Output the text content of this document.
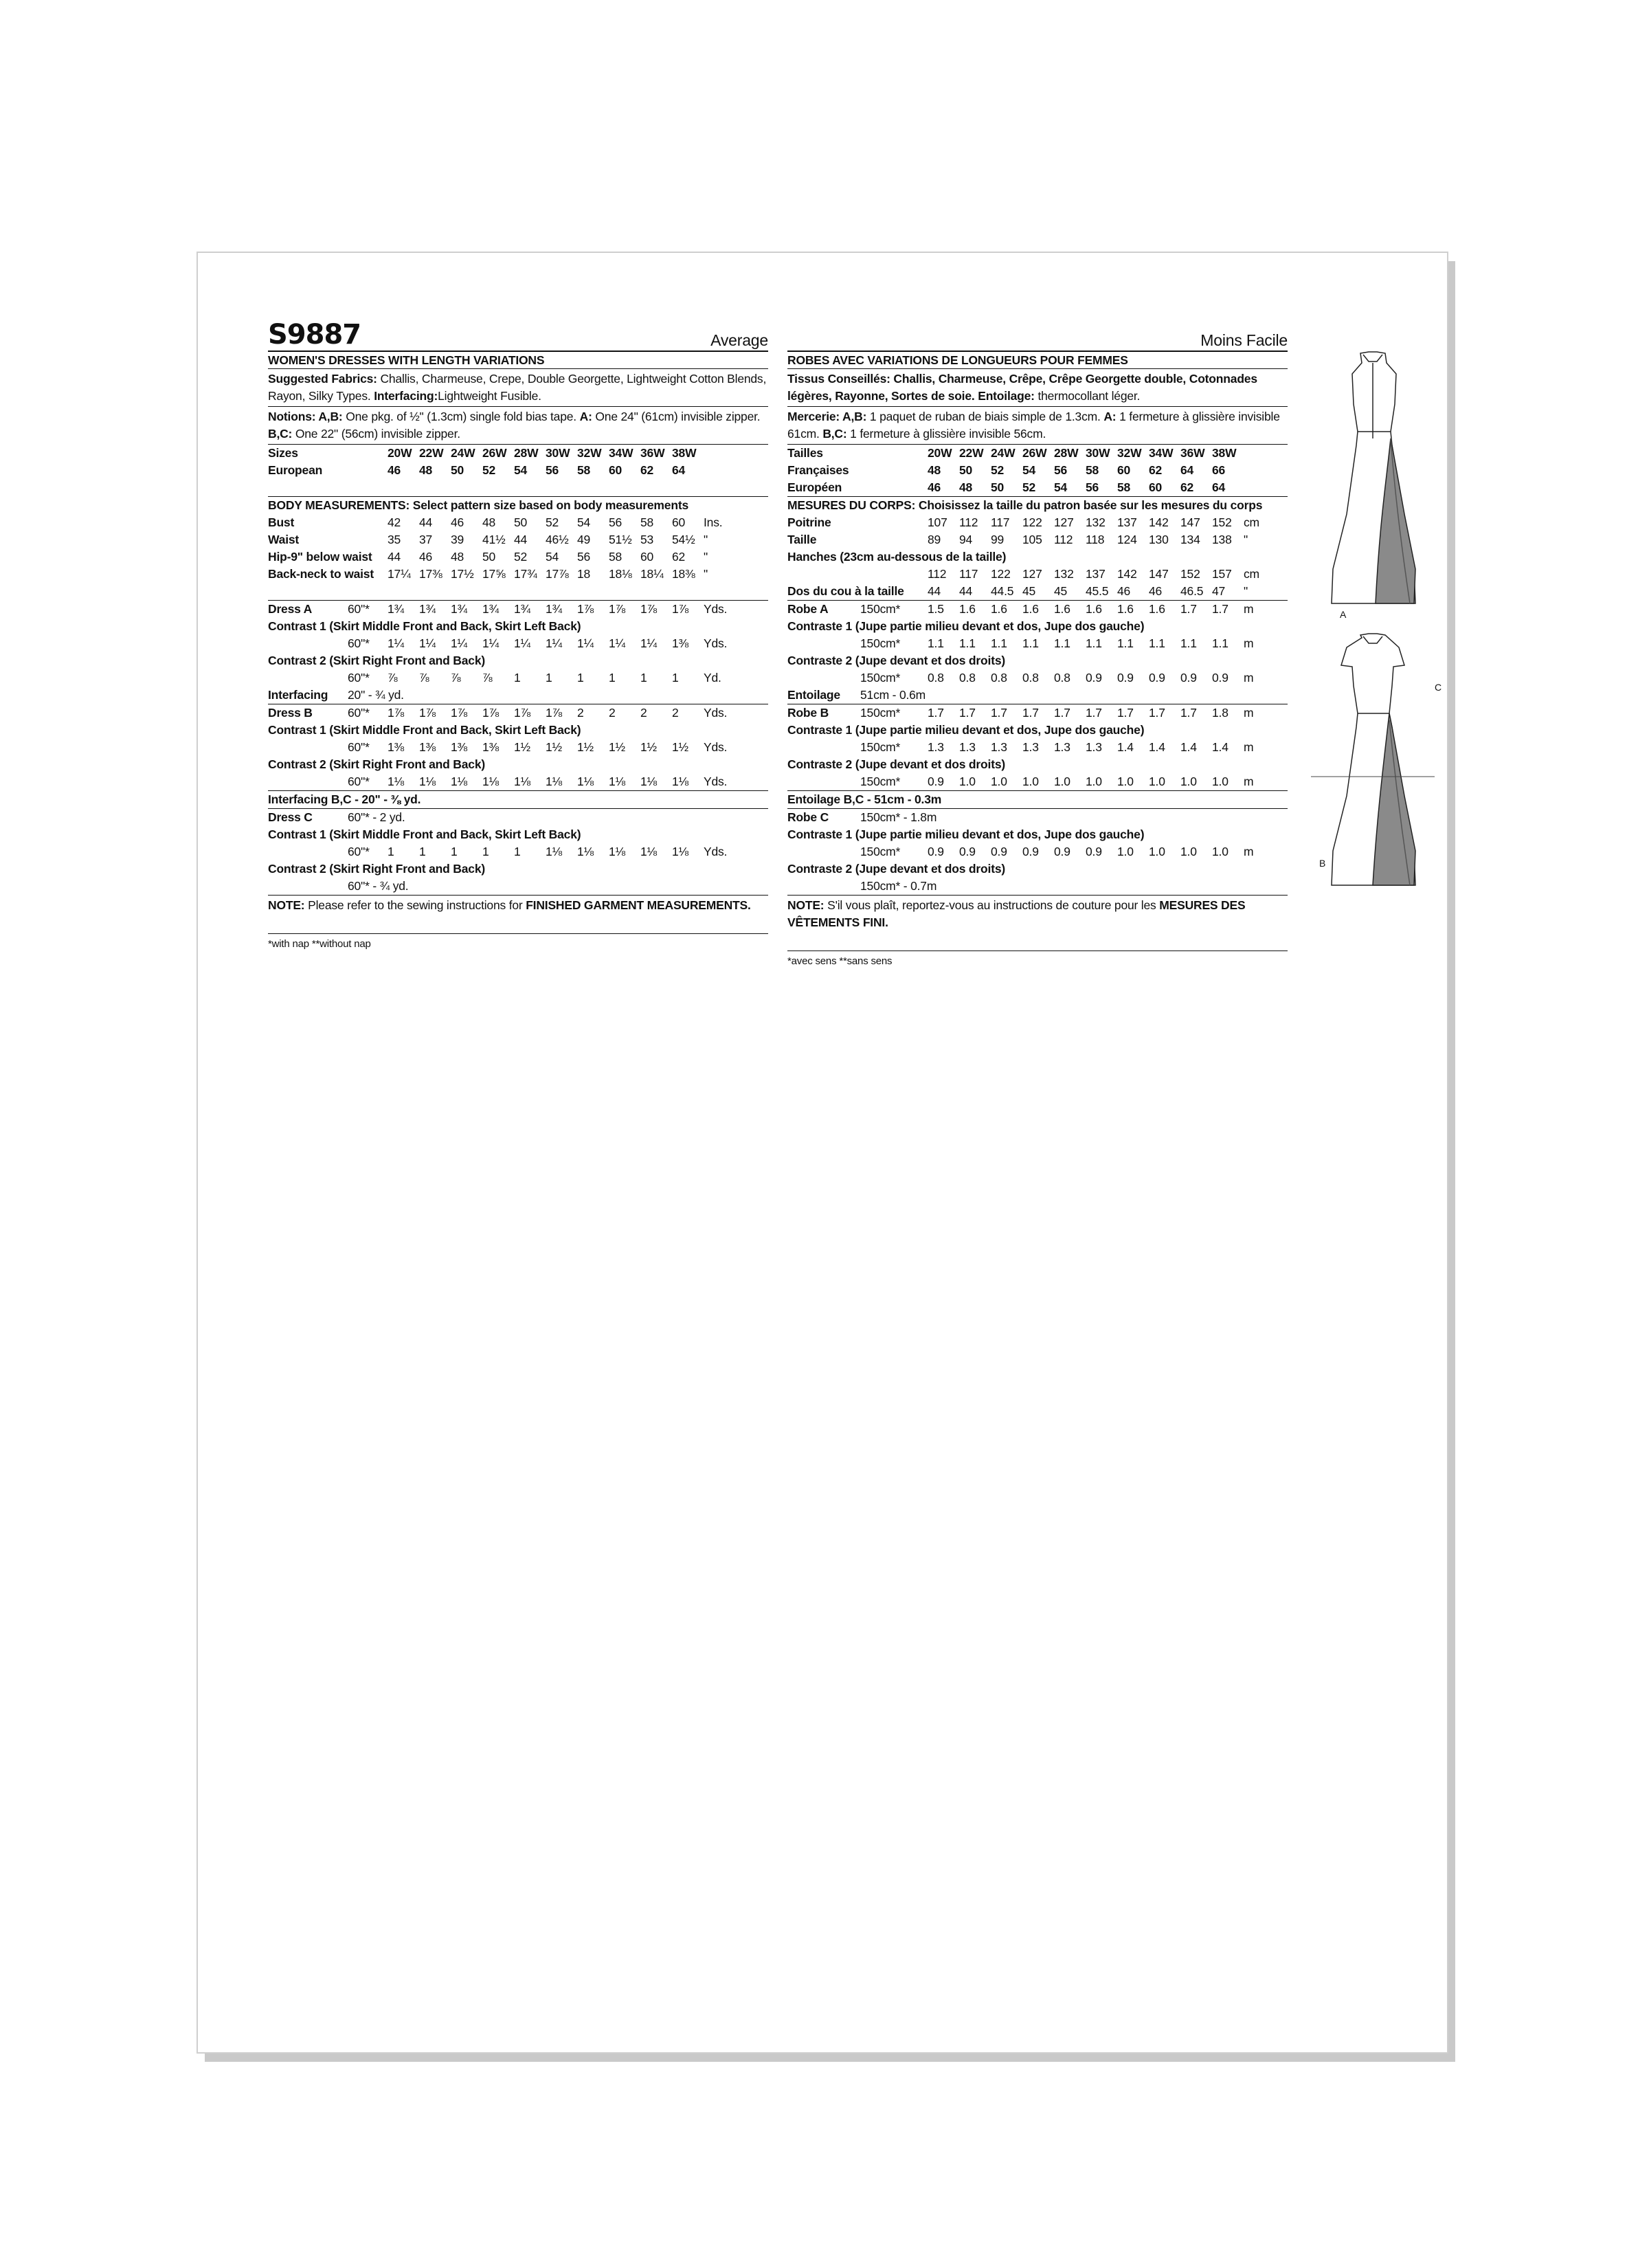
S9887	Average
WOMEN'S DRESSES WITH LENGTH VARIATIONS
Suggested Fabrics: Challis, Charmeuse, Crepe, Double Georgette, Lightweight Cotton Blends, Rayon, Silky Types. Interfacing:Lightweight Fusible.
Notions: A,B: One pkg. of ½" (1.3cm) single fold bias tape. A: One 24" (61cm) invisible zipper. B,C: One 22" (56cm) invisible zipper.
Sizes	20W 22W 24W 26W 28W 30W 32W 34W 36W 38W
European	46	48	50	52	54	56	58	60	62	64
BODY MEASUREMENTS: Select pattern size based on body measurements
Bust	42	44	46	48	50	52	54	56	58	60	Ins.
Waist	35	37	39	41½ 44	46½ 49	51½ 53	54½ "
Hip-9" below waist	44	46	48	50	52	54	56	58	60	62	"
Back-neck to waist	17¼ 17⅜ 17½ 17⅝ 17¾ 17⅞ 18	18⅛ 18¼ 18⅜ "
Dress A	60"*	1¾	1¾	1¾	1¾	1¾	1¾	1⅞	1⅞	1⅞	1⅞	Yds.
Contrast 1 (Skirt Middle Front and Back, Skirt Left Back)
60"*	1¼	1¼	1¼	1¼	1¼	1¼	1¼	1¼	1¼	1⅜	Yds.
Contrast 2 (Skirt Right Front and Back)
60"*	⅞	⅞	⅞	⅞	1	1	1	1	1	1	Yd.
Interfacing	20" - ¾ yd.
Dress B	60"*	1⅞	1⅞	1⅞	1⅞	1⅞	1⅞	2	2	2	2	Yds.
Contrast 1 (Skirt Middle Front and Back, Skirt Left Back)
60"*	1⅜	1⅜	1⅜	1⅜	1½	1½	1½	1½	1½	1½	Yds.
Contrast 2 (Skirt Right Front and Back)
60"*	1⅛	1⅛	1⅛	1⅛	1⅛	1⅛	1⅛	1⅛	1⅛	1⅛	Yds.
Interfacing B,C - 20" - ⅜ yd.
Dress C	60"* - 2 yd.
Contrast 1 (Skirt Middle Front and Back, Skirt Left Back)
60"*	1	1	1	1	1	1⅛	1⅛	1⅛	1⅛	1⅛	Yds.
Contrast 2 (Skirt Right Front and Back)
60"* - ¾ yd.
NOTE: Please refer to the sewing instructions for FINISHED GARMENT MEASUREMENTS.
*with nap **without nap
Moins Facile
ROBES AVEC VARIATIONS DE LONGUEURS POUR FEMMES
Tissus Conseillés: Challis, Charmeuse, Crêpe, Crêpe Georgette double, Cotonnades légères, Rayonne, Sortes de soie. Entoilage: thermocollant léger.
Mercerie: A,B: 1 paquet de ruban de biais simple de 1.3cm. A: 1 fermeture à glissière invisible 61cm. B,C: 1 fermeture à glissière invisible 56cm.
Tailles	20W 22W 24W 26W 28W 30W 32W 34W 36W 38W
Françaises	48	50	52	54	56	58	60	62	64	66
Européen	46	48	50	52	54	56	58	60	62	64
MESURES DU CORPS: Choisissez la taille du patron basée sur les mesures du corps
Poitrine	107 112	117	122 127 132 137 142 147 152 cm
Taille	89	94	99	105 112	118	124 130 134 138 "
Hanches (23cm au-dessous de la taille)
112	117	122 127 132 137 142 147 152 157 cm
Dos du cou à la taille	44	44	44.5 45	45	45.5 46	46	46.5 47	"
Robe A	150cm*	1.5	1.6	1.6	1.6	1.6	1.6	1.6	1.6	1.7	1.7	m
Contraste 1 (Jupe partie milieu devant et dos, Jupe dos gauche)
150cm*	1.1	1.1	1.1	1.1	1.1	1.1	1.1	1.1	1.1	1.1	m
Contraste 2 (Jupe devant et dos droits)
150cm*	0.8	0.8	0.8	0.8	0.8	0.9	0.9	0.9	0.9	0.9	m
Entoilage	51cm - 0.6m
Robe B	150cm*	1.7	1.7	1.7	1.7	1.7	1.7	1.7	1.7	1.7	1.8	m
Contraste 1 (Jupe partie milieu devant et dos, Jupe dos gauche)
150cm*	1.3	1.3	1.3	1.3	1.3	1.3	1.4	1.4	1.4	1.4	m
Contraste 2 (Jupe devant et dos droits)
150cm*	0.9	1.0	1.0	1.0	1.0	1.0	1.0	1.0	1.0	1.0	m
Entoilage B,C - 51cm - 0.3m
Robe C	150cm* - 1.8m
Contraste 1 (Jupe partie milieu devant et dos, Jupe dos gauche)
150cm*	0.9	0.9	0.9	0.9	0.9	0.9	1.0	1.0	1.0	1.0	m
Contraste 2 (Jupe devant et dos droits)
150cm* - 0.7m
NOTE: S'il vous plaît, reportez-vous au instructions de couture pour les MESURES DES VÊTEMENTS FINI.
*avec sens **sans sens
A
C
B
